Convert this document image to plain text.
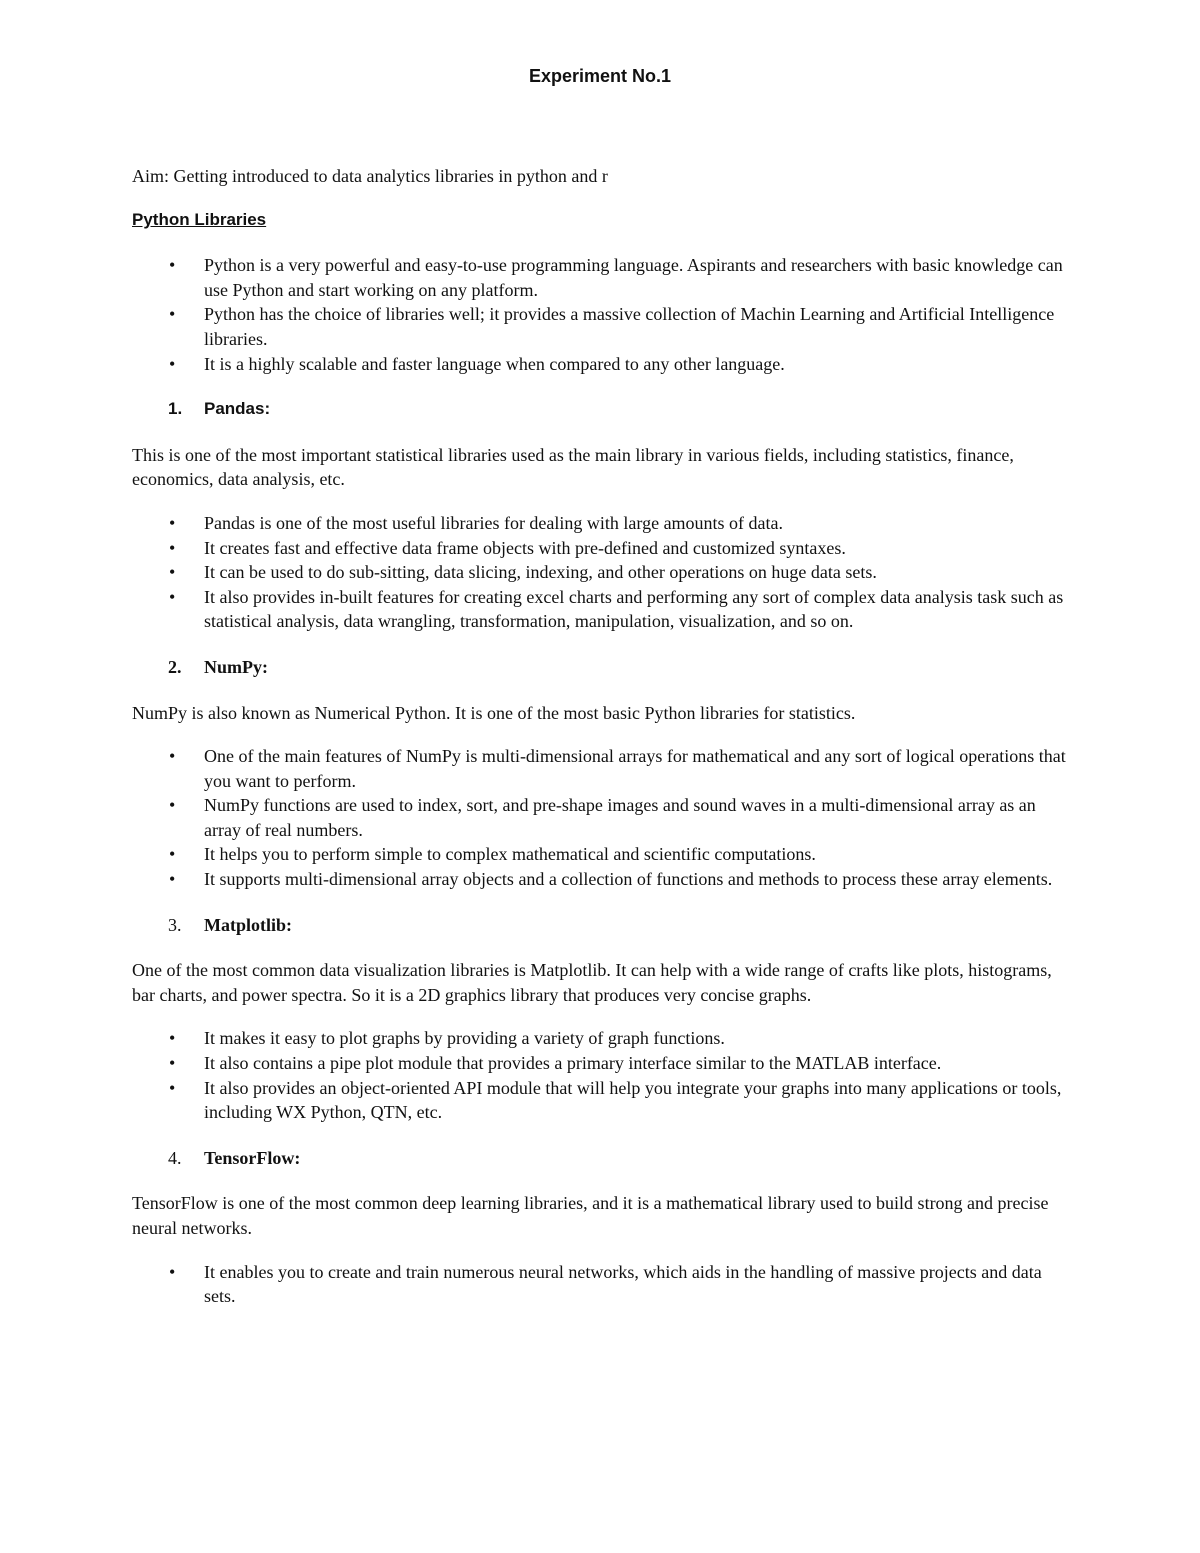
Experiment No.1

Aim: Getting introduced to data analytics libraries in python and r

Python Libraries

• Python is a very powerful and easy-to-use programming language. Aspirants and researchers with basic knowledge can use Python and start working on any platform.
• Python has the choice of libraries well; it provides a massive collection of Machin Learning and Artificial Intelligence libraries.
• It is a highly scalable and faster language when compared to any other language.
1. Pandas:

This is one of the most important statistical libraries used as the main library in various fields, including statistics, finance, economics, data analysis, etc.

• Pandas is one of the most useful libraries for dealing with large amounts of data.
• It creates fast and effective data frame objects with pre-defined and customized syntaxes.
• It can be used to do sub-sitting, data slicing, indexing, and other operations on huge data sets.
• It also provides in-built features for creating excel charts and performing any sort of complex data analysis task such as statistical analysis, data wrangling, transformation, manipulation, visualization, and so on.
2. NumPy:

NumPy is also known as Numerical Python. It is one of the most basic Python libraries for statistics.

• One of the main features of NumPy is multi-dimensional arrays for mathematical and any sort of logical operations that you want to perform.
• NumPy functions are used to index, sort, and pre-shape images and sound waves in a multi-dimensional array as an array of real numbers.
• It helps you to perform simple to complex mathematical and scientific computations.
• It supports multi-dimensional array objects and a collection of functions and methods to process these array elements.
3. Matplotlib:

One of the most common data visualization libraries is Matplotlib. It can help with a wide range of crafts like plots, histograms, bar charts, and power spectra. So it is a 2D graphics library that produces very concise graphs.

• It makes it easy to plot graphs by providing a variety of graph functions.
• It also contains a pipe plot module that provides a primary interface similar to the MATLAB interface.
• It also provides an object-oriented API module that will help you integrate your graphs into many applications or tools, including WX Python, QTN, etc.
4. TensorFlow:

TensorFlow is one of the most common deep learning libraries, and it is a mathematical library used to build strong and precise neural networks.

• It enables you to create and train numerous neural networks, which aids in the handling of massive projects and data sets.
